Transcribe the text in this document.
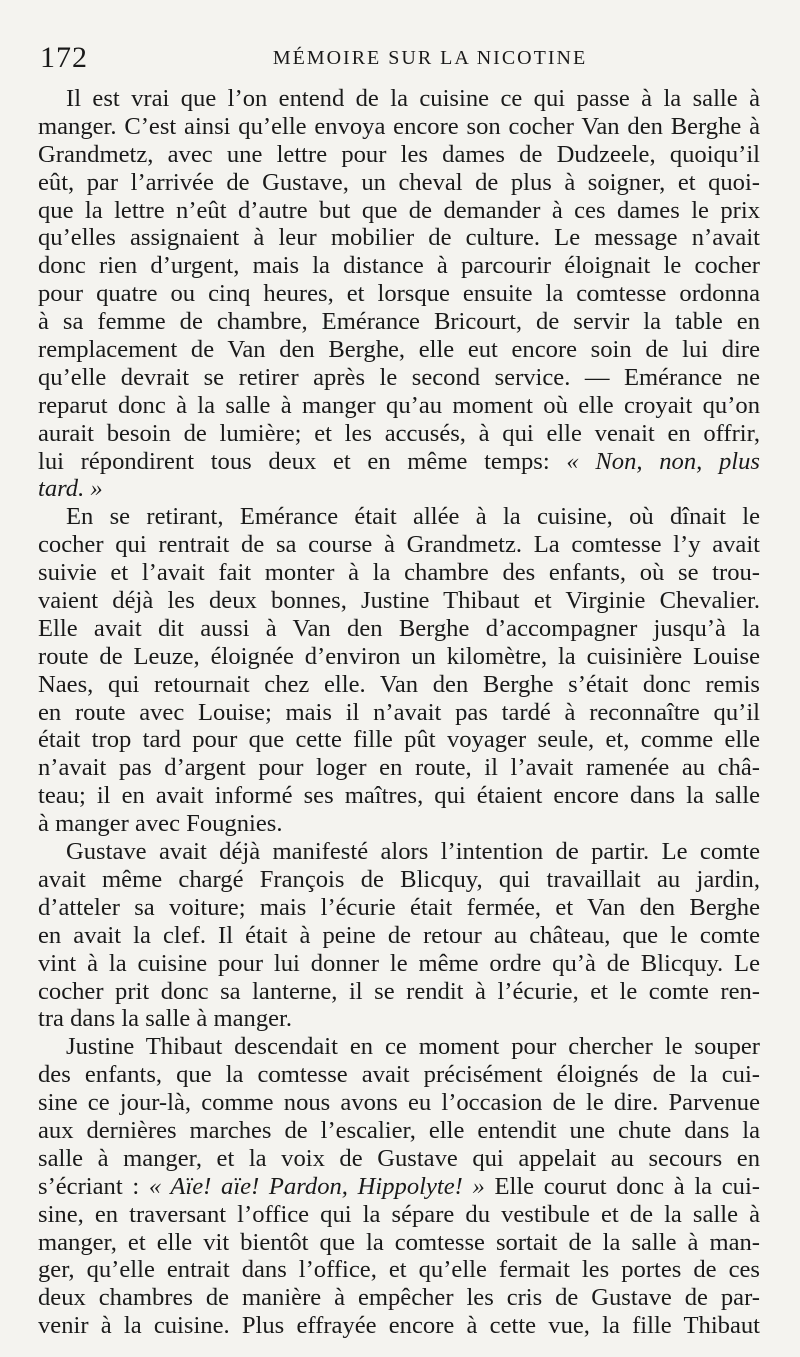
172	MÉMOIRE SUR LA NICOTINE
Il est vrai que l’on entend de la cuisine ce qui passe à la salle à
manger. C’est ainsi qu’elle envoya encore son cocher Van den Berghe à
Grandmetz, avec une lettre pour les dames de Dudzeele, quoiqu’il
eût, par l’arrivée de Gustave, un cheval de plus à soigner, et quoi-
que la lettre n’eût d’autre but que de demander à ces dames le prix
qu’elles assignaient à leur mobilier de culture. Le message n’avait
donc rien d’urgent, mais la distance à parcourir éloignait le cocher
pour quatre ou cinq heures, et lorsque ensuite la comtesse ordonna
à sa femme de chambre, Emérance Bricourt, de servir la table en
remplacement de Van den Berghe, elle eut encore soin de lui dire
qu’elle devrait se retirer après le second service. — Emérance ne
reparut donc à la salle à manger qu’au moment où elle croyait qu’on
aurait besoin de lumière; et les accusés, à qui elle venait en offrir,
lui répondirent tous deux et en même temps: « Non, non, plus
tard. »
En se retirant, Emérance était allée à la cuisine, où dînait le
cocher qui rentrait de sa course à Grandmetz. La comtesse l’y avait
suivie et l’avait fait monter à la chambre des enfants, où se trou-
vaient déjà les deux bonnes, Justine Thibaut et Virginie Chevalier.
Elle avait dit aussi à Van den Berghe d’accompagner jusqu’à la
route de Leuze, éloignée d’environ un kilomètre, la cuisinière Louise
Naes, qui retournait chez elle. Van den Berghe s’était donc remis
en route avec Louise; mais il n’avait pas tardé à reconnaître qu’il
était trop tard pour que cette fille pût voyager seule, et, comme elle
n’avait pas d’argent pour loger en route, il l’avait ramenée au châ-
teau; il en avait informé ses maîtres, qui étaient encore dans la salle
à manger avec Fougnies.
Gustave avait déjà manifesté alors l’intention de partir. Le comte
avait même chargé François de Blicquy, qui travaillait au jardin,
d’atteler sa voiture; mais l’écurie était fermée, et Van den Berghe
en avait la clef. Il était à peine de retour au château, que le comte
vint à la cuisine pour lui donner le même ordre qu’à de Blicquy. Le
cocher prit donc sa lanterne, il se rendit à l’écurie, et le comte ren-
tra dans la salle à manger.
Justine Thibaut descendait en ce moment pour chercher le souper
des enfants, que la comtesse avait précisément éloignés de la cui-
sine ce jour-là, comme nous avons eu l’occasion de le dire. Parvenue
aux dernières marches de l’escalier, elle entendit une chute dans la
salle à manger, et la voix de Gustave qui appelait au secours en
s’écriant : « Aïe! aïe! Pardon, Hippolyte! » Elle courut donc à la cui-
sine, en traversant l’office qui la sépare du vestibule et de la salle à
manger, et elle vit bientôt que la comtesse sortait de la salle à man-
ger, qu’elle entrait dans l’office, et qu’elle fermait les portes de ces
deux chambres de manière à empêcher les cris de Gustave de par-
venir à la cuisine. Plus effrayée encore à cette vue, la fille Thibaut
